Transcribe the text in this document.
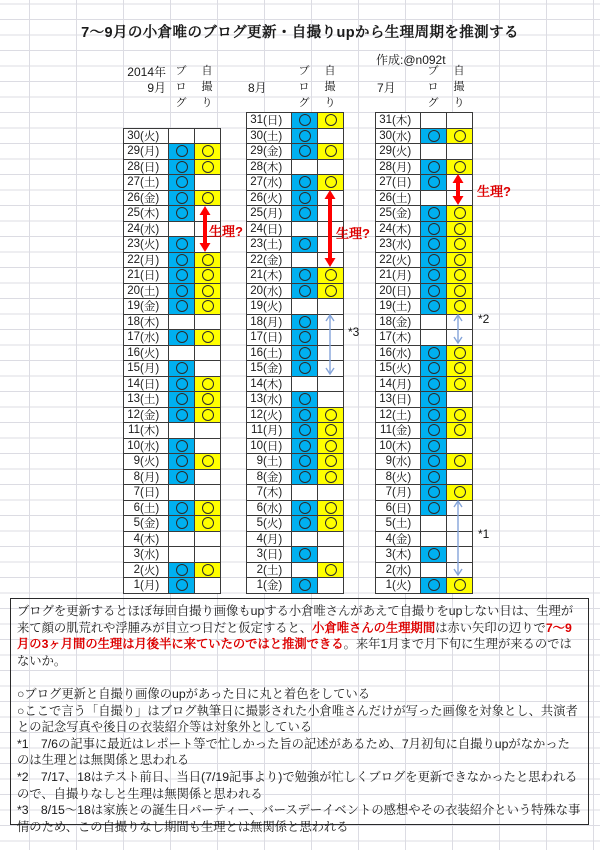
7～9月の小倉唯のブログ更新・自撮りupから生理周期を推測する
作成:@n092t
2014年
9月
ブ
ロ
グ
自
撮
り
30 (火)
29 (月)
28 (日)
27 (土)
26 (金)
25 (木)
24 (水)
23 (火)
22 (月)
21 (日)
20 (土)
19 (金)
18 (木)
17 (水)
16 (火)
15 (月)
14 (日)
13 (土)
12 (金)
11 (木)
10 (水)
9 (火)
8 (月)
7 (日)
6 (土)
5 (金)
4 (木)
3 (水)
2 (火)
1 (月)
8月
ブ
ロ
グ
自
撮
り
31 (日)
30 (土)
29 (金)
28 (木)
27 (水)
26 (火)
25 (月)
24 (日)
23 (土)
22 (金)
21 (木)
20 (水)
19 (火)
18 (月)
17 (日)
16 (土)
15 (金)
14 (木)
13 (水)
12 (火)
11 (月)
10 (日)
9 (土)
8 (金)
7 (木)
6 (水)
5 (火)
4 (月)
3 (日)
2 (土)
1 (金)
7月
ブ
ロ
グ
自
撮
り
31 (木)
30 (水)
29 (火)
28 (月)
27 (日)
26 (土)
25 (金)
24 (木)
23 (水)
22 (火)
21 (月)
20 (日)
19 (土)
18 (金)
17 (木)
16 (水)
15 (火)
14 (月)
13 (日)
12 (土)
11 (金)
10 (木)
9 (水)
8 (火)
7 (月)
6 (日)
5 (土)
4 (金)
3 (木)
2 (水)
1 (火)
ブログを更新するとほぼ毎回自撮り画像もupする小倉唯さんがあえて自撮りをupしない日は、生理が来て顔の肌荒れや浮腫みが目立つ日だと仮定すると、小倉唯さんの生理期間は赤い矢印の辺りで7～9月の3ヶ月間の生理は月後半に来ていたのではと推測できる。来年1月まで月下旬に生理が来るのではないか。

○ブログ更新と自撮り画像のupがあった日に丸と着色をしている
○ここで言う「自撮り」はブログ執筆日に撮影された小倉唯さんだけが写った画像を対象とし、共演者との記念写真や後日の衣装紹介等は対象外としている
*1　7/6の記事に最近はレポート等で忙しかった旨の記述があるため、7月初旬に自撮りupがなかったのは生理とは無関係と思われる
*2　7/17、18はテスト前日、当日(7/19記事より)で勉強が忙しくブログを更新できなかったと思われるので、自撮りなしと生理は無関係と思われる
*3　8/15～18は家族との誕生日パーティー、バースデーイベントの感想やその衣装紹介という特殊な事情のため、この自撮りなし期間も生理とは無関係と思われる
生理?	生理?
生理?
*3
*2
*1
